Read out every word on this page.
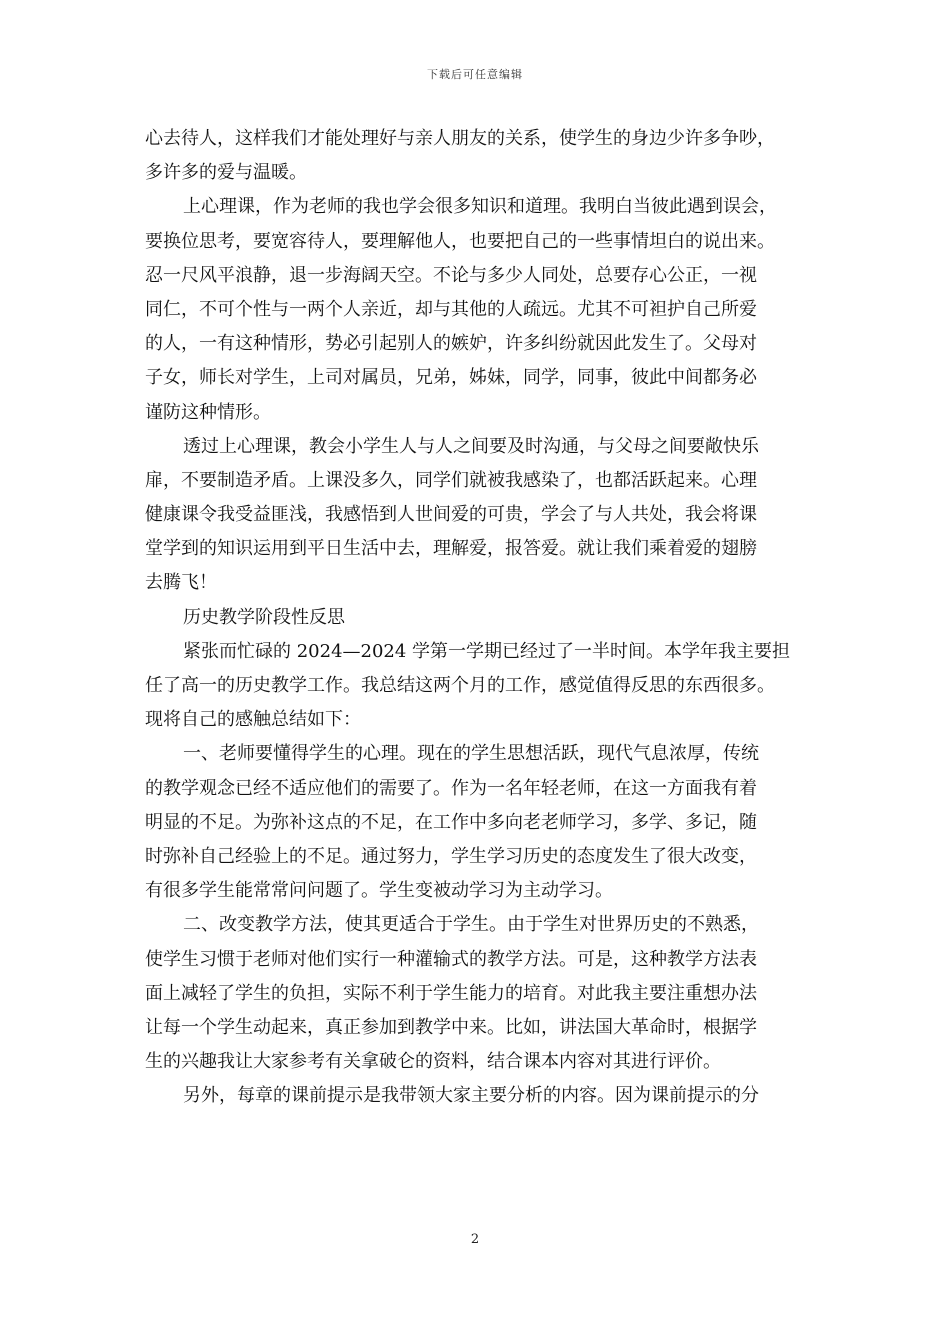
下载后可任意编辑
心去待人，这样我们才能处理好与亲人朋友的关系，使学生的身边少许多争吵，
多许多的爱与温暖。
上心理课，作为老师的我也学会很多知识和道理。我明白当彼此遇到误会，
要换位思考，要宽容待人，要理解他人，也要把自己的一些事情坦白的说出来。
忍一尺风平浪静，退一步海阔天空。不论与多少人同处，总要存心公正，一视
同仁，不可个性与一两个人亲近，却与其他的人疏远。尤其不可袒护自己所爱
的人，一有这种情形，势必引起别人的嫉妒，许多纠纷就因此发生了。父母对
子女，师长对学生，上司对属员，兄弟，姊妹，同学，同事，彼此中间都务必
谨防这种情形。
透过上心理课，教会小学生人与人之间要及时沟通，与父母之间要敞快乐
扉，不要制造矛盾。上课没多久，同学们就被我感染了，也都活跃起来。心理
健康课令我受益匪浅，我感悟到人世间爱的可贵，学会了与人共处，我会将课
堂学到的知识运用到平日生活中去，理解爱，报答爱。就让我们乘着爱的翅膀
去腾飞！
历史教学阶段性反思
紧张而忙碌的 2024—2024 学第一学期已经过了一半时间。本学年我主要担
任了高一的历史教学工作。我总结这两个月的工作，感觉值得反思的东西很多。
现将自己的感触总结如下：
一、老师要懂得学生的心理。现在的学生思想活跃，现代气息浓厚，传统
的教学观念已经不适应他们的需要了。作为一名年轻老师，在这一方面我有着
明显的不足。为弥补这点的不足，在工作中多向老老师学习，多学、多记，随
时弥补自己经验上的不足。通过努力，学生学习历史的态度发生了很大改变，
有很多学生能常常问问题了。学生变被动学习为主动学习。
二、改变教学方法，使其更适合于学生。由于学生对世界历史的不熟悉，
使学生习惯于老师对他们实行一种灌输式的教学方法。可是，这种教学方法表
面上减轻了学生的负担，实际不利于学生能力的培育。对此我主要注重想办法
让每一个学生动起来，真正参加到教学中来。比如，讲法国大革命时，根据学
生的兴趣我让大家参考有关拿破仑的资料，结合课本内容对其进行评价。
另外，每章的课前提示是我带领大家主要分析的内容。因为课前提示的分
2
